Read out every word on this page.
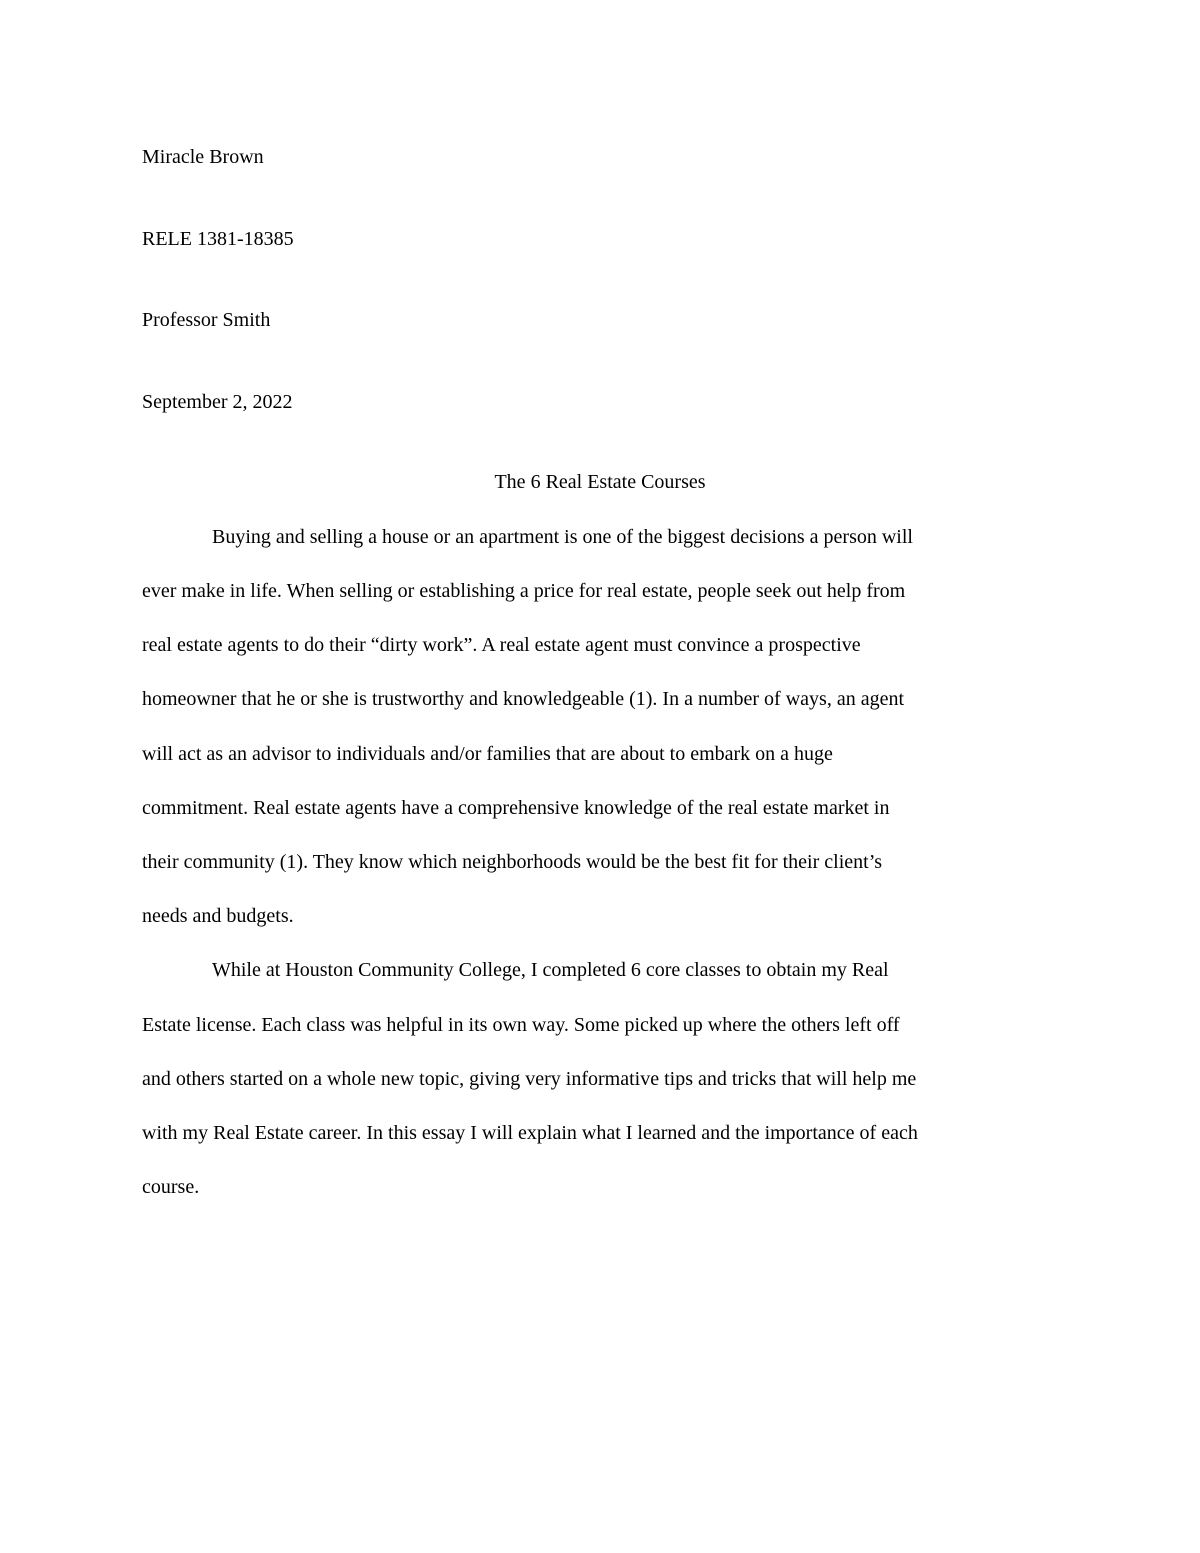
Miracle Brown

RELE 1381-18385

Professor Smith

September 2, 2022

The 6 Real Estate Courses

Buying and selling a house or an apartment is one of the biggest decisions a person will

ever make in life. When selling or establishing a price for real estate, people seek out help from

real estate agents to do their “dirty work”. A real estate agent must convince a prospective

homeowner that he or she is trustworthy and knowledgeable (1). In a number of ways, an agent

will act as an advisor to individuals and/or families that are about to embark on a huge

commitment. Real estate agents have a comprehensive knowledge of the real estate market in

their community (1). They know which neighborhoods would be the best fit for their client’s

needs and budgets.

While at Houston Community College, I completed 6 core classes to obtain my Real

Estate license. Each class was helpful in its own way. Some picked up where the others left off

and others started on a whole new topic, giving very informative tips and tricks that will help me

with my Real Estate career. In this essay I will explain what I learned and the importance of each

course.
